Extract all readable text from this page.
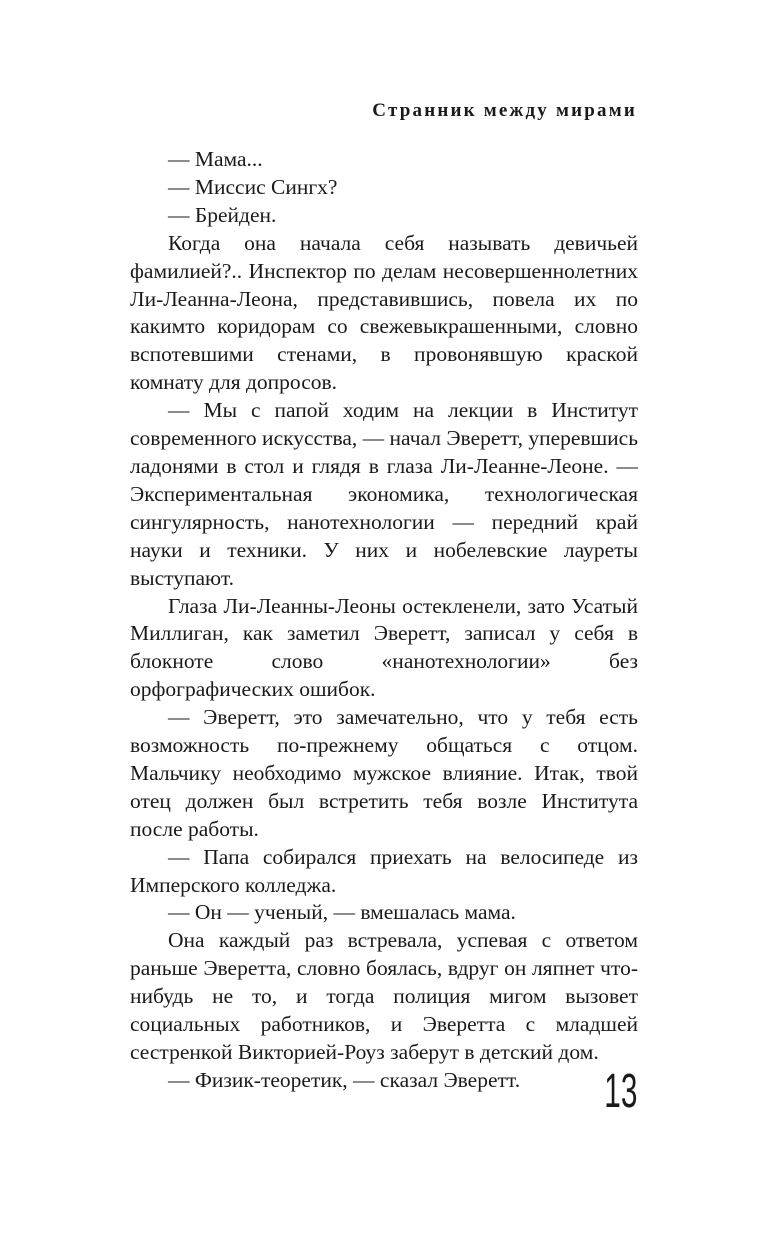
Странник между мирами

— Мама...

— Миссис Сингх?

— Брейден.

Когда она начала себя называть девичьей фамилией?.. Инспектор по делам несовершеннолетних Ли-Леанна-Леона, представившись, повела их по какимто коридорам со свежевыкрашенными, словно вспотевшими стенами, в провонявшую краской комнату для допросов.

— Мы с папой ходим на лекции в Институт современного искусства, — начал Эверетт, уперевшись ладонями в стол и глядя в глаза Ли-Леанне-Леоне. — Экспериментальная экономика, технологическая сингулярность, нанотехнологии — передний край науки и техники. У них и нобелевские лауреты выступают.

Глаза Ли-Леанны-Леоны остекленели, зато Усатый Миллиган, как заметил Эверетт, записал у себя в блокноте слово «нанотехнологии» без орфографических ошибок.

— Эверетт, это замечательно, что у тебя есть возможность по-прежнему общаться с отцом. Мальчику необходимо мужское влияние. Итак, твой отец должен был встретить тебя возле Института после работы.

— Папа собирался приехать на велосипеде из Имперского колледжа.

— Он — ученый, — вмешалась мама.

Она каждый раз встревала, успевая с ответом раньше Эверетта, словно боялась, вдруг он ляпнет что-нибудь не то, и тогда полиция мигом вызовет социальных работников, и Эверетта с младшей сестренкой Викторией-Роуз заберут в детский дом.

— Физик-теоретик, — сказал Эверетт.	13
